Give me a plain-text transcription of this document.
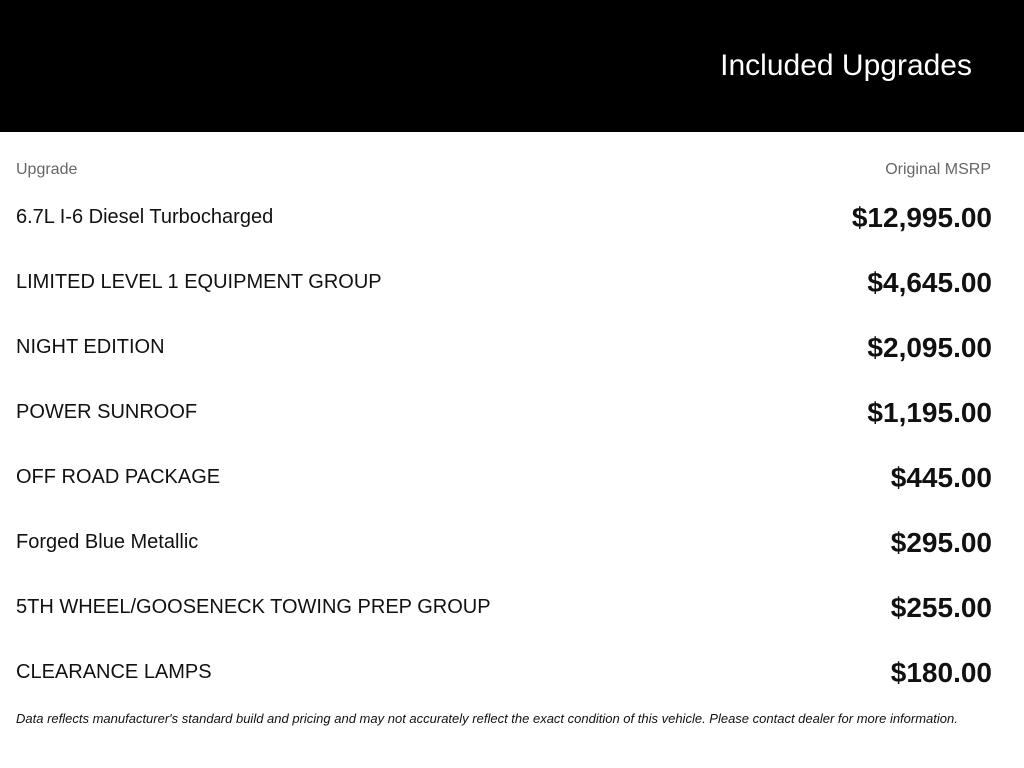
Included Upgrades
Upgrade	Original MSRP
6.7L I-6 Diesel Turbocharged	$12,995.00
LIMITED LEVEL 1 EQUIPMENT GROUP	$4,645.00
NIGHT EDITION	$2,095.00
POWER SUNROOF	$1,195.00
OFF ROAD PACKAGE	$445.00
Forged Blue Metallic	$295.00
5TH WHEEL/GOOSENECK TOWING PREP GROUP	$255.00
CLEARANCE LAMPS	$180.00
Data reflects manufacturer's standard build and pricing and may not accurately reflect the exact condition of this vehicle. Please contact dealer for more information.
